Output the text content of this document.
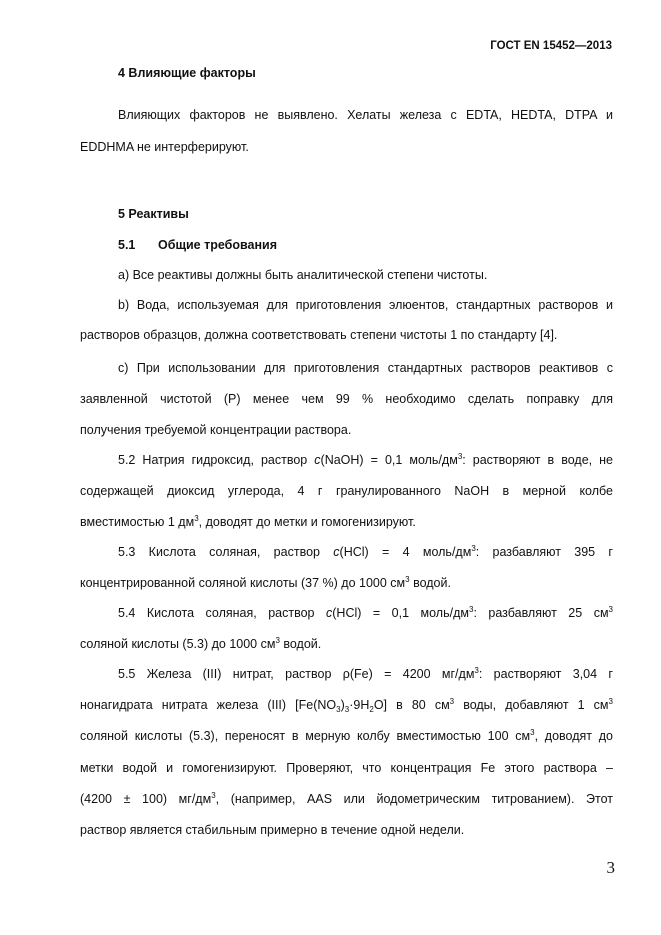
ГОСТ EN 15452—2013
4 Влияющие факторы
Влияющих факторов не выявлено. Хелаты железа с EDTA, HEDTA, DTPA и
EDDHMA не интерферируют.
5 Реактивы
5.1 Общие требования
a) Все реактивы должны быть аналитической степени чистоты.
b) Вода, используемая для приготовления элюентов, стандартных растворов и
растворов образцов, должна соответствовать степени чистоты 1 по стандарту [4].
c) При использовании для приготовления стандартных растворов реактивов с
заявленной чистотой (P) менее чем 99 % необходимо сделать поправку для
получения требуемой концентрации раствора.
5.2 Натрия гидроксид, раствор c(NaOH) = 0,1 моль/$дм^3$: растворяют в воде, не
содержащей диоксид углерода, 4 г гранулированного NaOH в мерной колбе
вместимостью 1 $дм^3$, доводят до метки и гомогенизируют.
5.3 Кислота соляная, раствор c(HCl) = 4 моль/$дм^3$: разбавляют 395 г
концентрированной соляной кислоты (37 %) до 1000 $см^3$ водой.
5.4 Кислота соляная, раствор c(HCl) = 0,1 моль/$дм^3$: разбавляют 25 $см^3$
соляной кислоты (5.3) до 1000 $см^3$ водой.
5.5 Железа (III) нитрат, раствор ρ(Fe) = 4200 $мг/дм^3$: растворяют 3,04 г
нонагидрата нитрата железа (III) $[Fe(NO_3)_3\cdot 9H_2O]$ в 80 $см^3$ воды, добавляют 1 $см^3$
соляной кислоты (5.3), переносят в мерную колбу вместимостью 100 $см^3$, доводят до
метки водой и гомогенизируют. Проверяют, что концентрация Fe этого раствора –
(4200 ± 100) $мг/дм^3$, (например, AAS или йодометрическим титрованием). Этот
раствор является стабильным примерно в течение одной недели.
3
